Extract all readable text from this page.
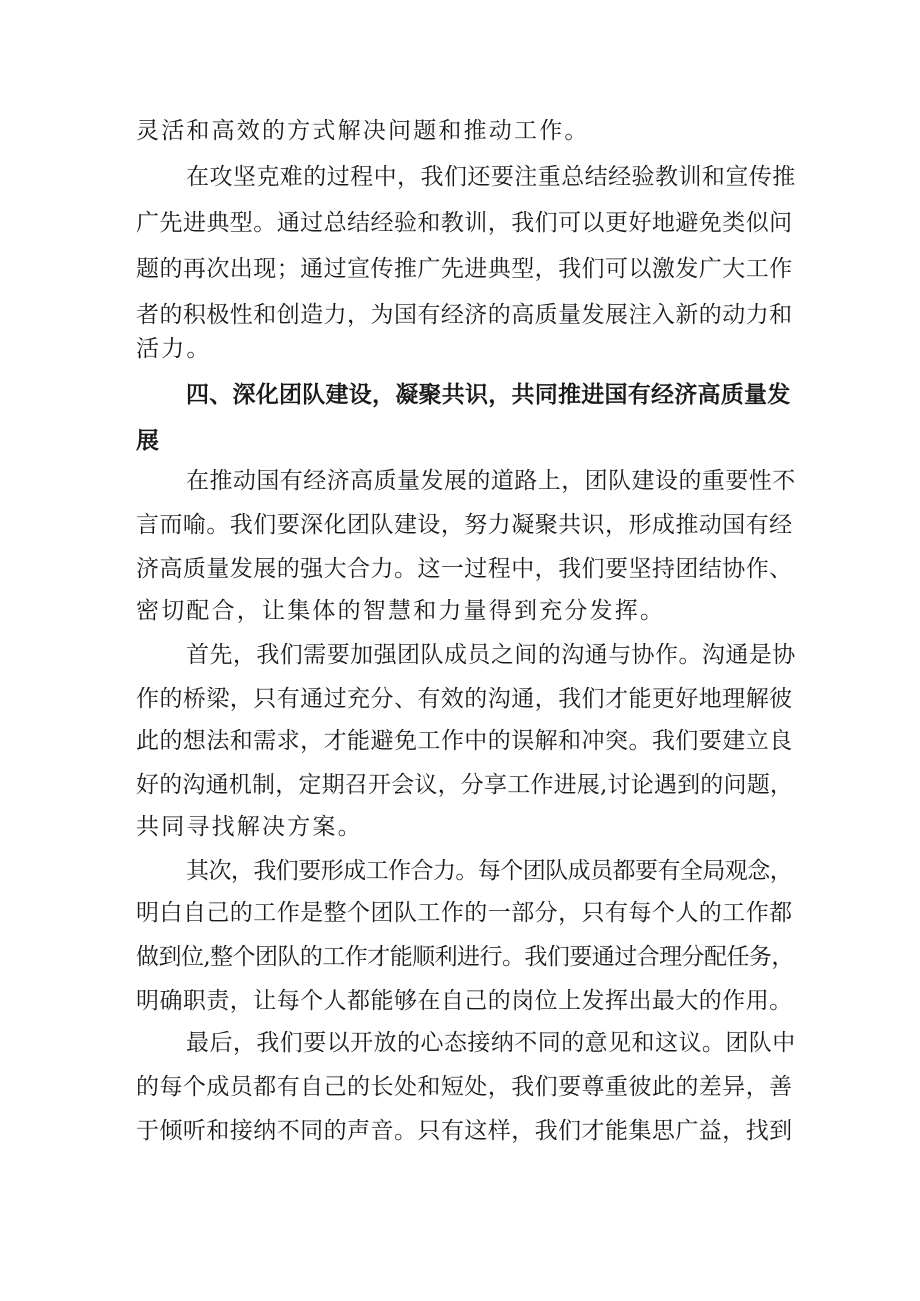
灵活和高效的方式解决问题和推动工作。
在攻坚克难的过程中，我们还要注重总结经验教训和宣传推
广先进典型。通过总结经验和教训，我们可以更好地避免类似问
题的再次出现；通过宣传推广先进典型，我们可以激发广大工作
者的积极性和创造力，为国有经济的高质量发展注入新的动力和
活力。
四、深化团队建设，凝聚共识，共同推进国有经济高质量发
展
在推动国有经济高质量发展的道路上，团队建设的重要性不
言而喻。我们要深化团队建设，努力凝聚共识，形成推动国有经
济高质量发展的强大合力。这一过程中，我们要坚持团结协作、
密切配合，让集体的智慧和力量得到充分发挥。
首先，我们需要加强团队成员之间的沟通与协作。沟通是协
作的桥梁，只有通过充分、有效的沟通，我们才能更好地理解彼
此的想法和需求，才能避免工作中的误解和冲突。我们要建立良
好的沟通机制，定期召开会议，分享工作进展,讨论遇到的问题，
共同寻找解决方案。
其次，我们要形成工作合力。每个团队成员都要有全局观念，
明白自己的工作是整个团队工作的一部分，只有每个人的工作都
做到位,整个团队的工作才能顺利进行。我们要通过合理分配任务，
明确职责，让每个人都能够在自己的岗位上发挥出最大的作用。
最后，我们要以开放的心态接纳不同的意见和这议。团队中
的每个成员都有自己的长处和短处，我们要尊重彼此的差异，善
于倾听和接纳不同的声音。只有这样，我们才能集思广益，找到
